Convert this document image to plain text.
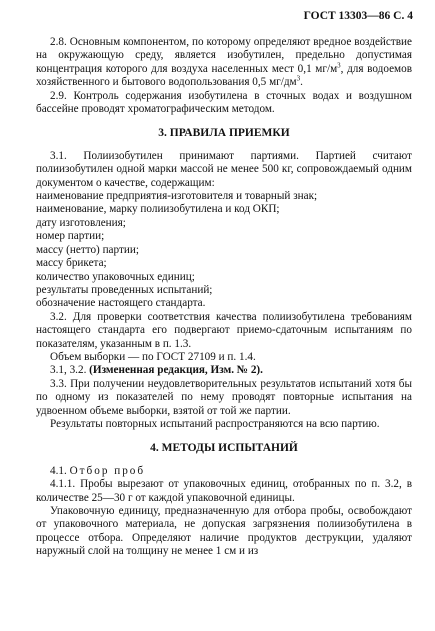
ГОСТ 13303—86 С. 4

2.8. Основным компонентом, по которому определяют вредное воздействие на окружающую среду, является изобутилен, предельно допустимая концентрация которого для воздуха населенных мест 0,1 $мг/м^3$, для водоемов хозяйственного и бытового водопользования 0,5 $мг/дм^3$.

2.9. Контроль содержания изобутилена в сточных водах и воздушном бассейне проводят хроматографическим методом.

3. ПРАВИЛА ПРИЕМКИ

3.1. Полиизобутилен принимают партиями. Партией считают полиизобутилен одной марки массой не менее 500 кг, сопровождаемый одним документом о качестве, содержащим:

наименование предприятия-изготовителя и товарный знак;

наименование, марку полиизобутилена и код ОКП;

дату изготовления;

номер партии;

массу (нетто) партии;

массу брикета;

количество упаковочных единиц;

результаты проведенных испытаний;

обозначение настоящего стандарта.

3.2. Для проверки соответствия качества полиизобутилена требованиям настоящего стандарта его подвергают приемо-сдаточным испытаниям по показателям, указанным в п. 1.3.

Объем выборки — по ГОСТ 27109 и п. 1.4.

3.1, 3.2. (Измененная редакция, Изм. № 2).

3.3. При получении неудовлетворительных результатов испытаний хотя бы по одному из показателей по нему проводят повторные испытания на удвоенном объеме выборки, взятой от той же партии.

Результаты повторных испытаний распространяются на всю партию.

4. МЕТОДЫ ИСПЫТАНИЙ

4.1. Отбор проб

4.1.1. Пробы вырезают от упаковочных единиц, отобранных по п. 3.2, в количестве 25—30 г от каждой упаковочной единицы.

Упаковочную единицу, предназначенную для отбора пробы, освобождают от упаковочного материала, не допуская загрязнения полиизобутилена в процессе отбора. Определяют наличие продуктов деструкции, удаляют наружный слой на толщину не менее 1 см и из
